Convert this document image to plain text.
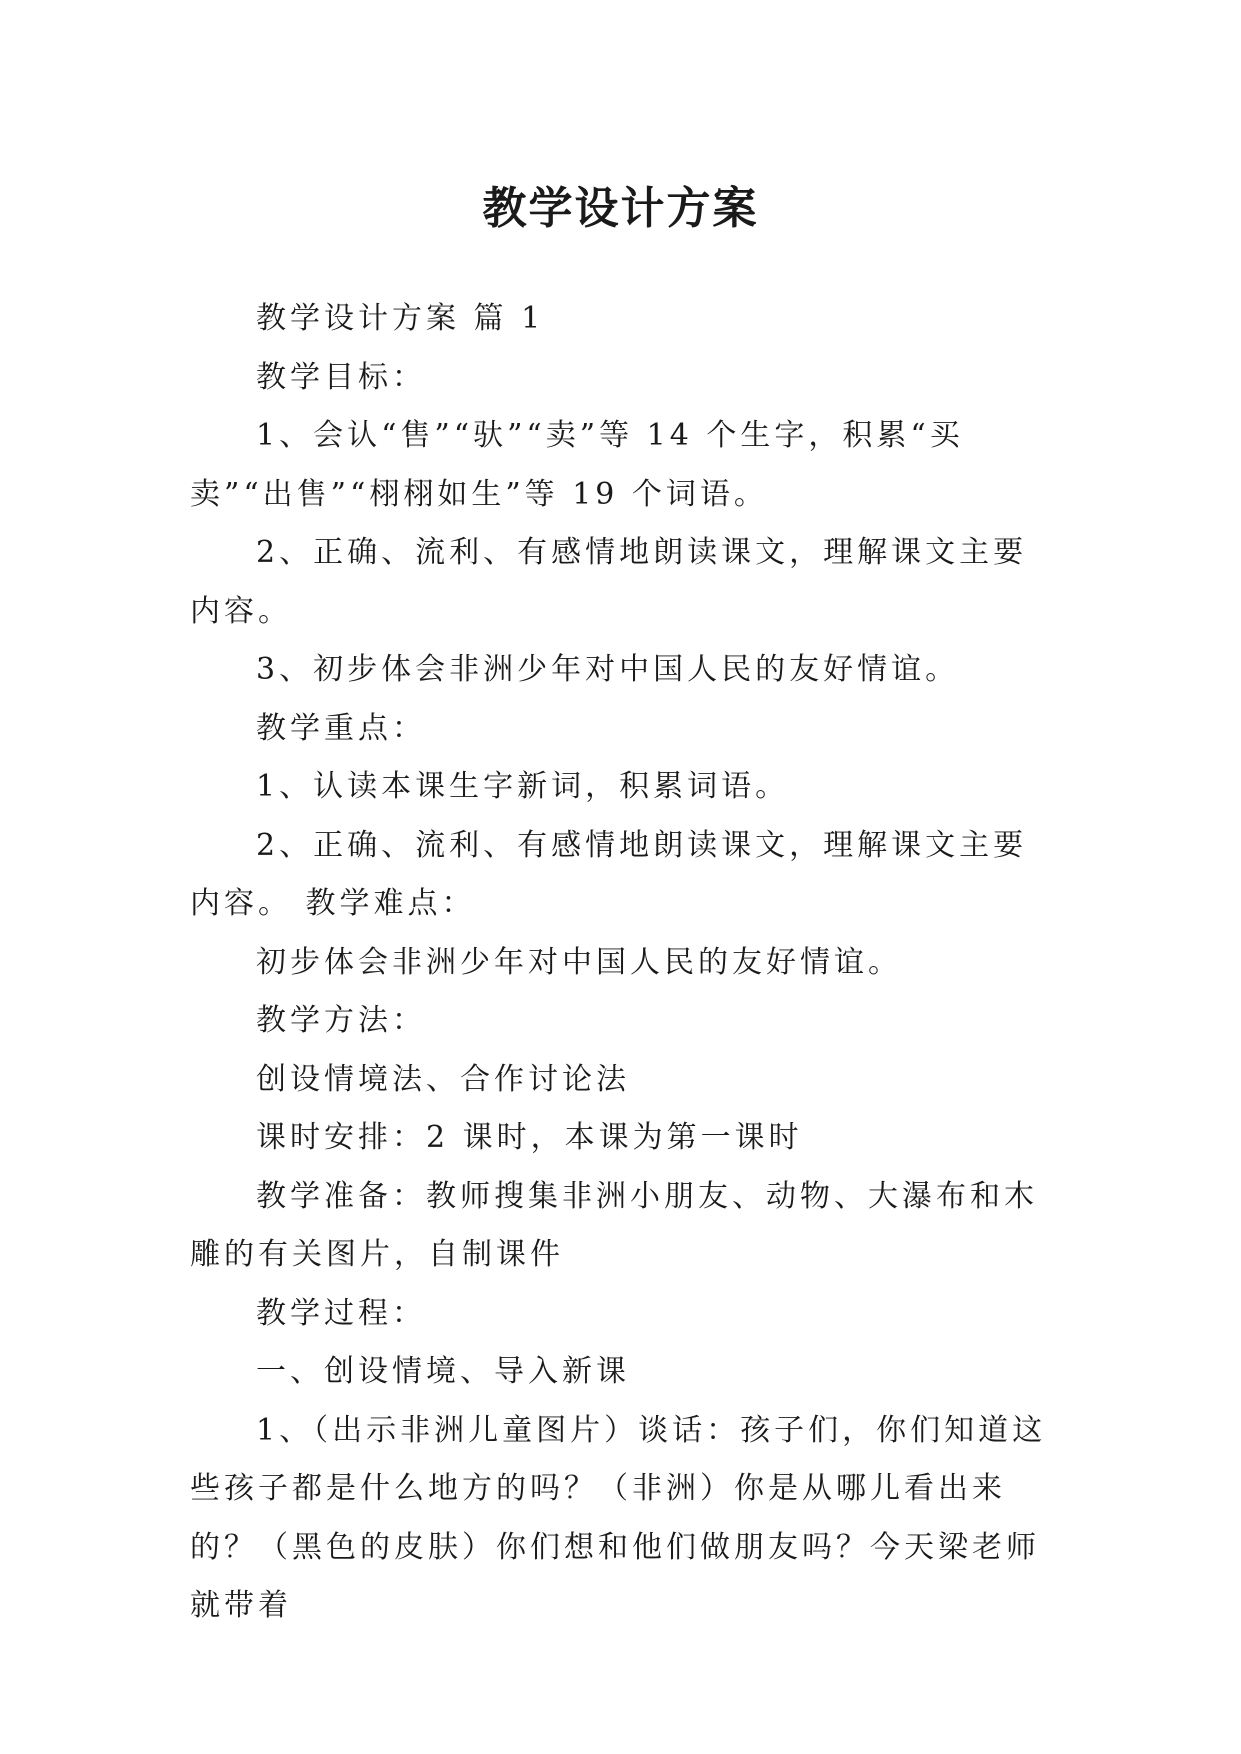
教学设计方案

教学设计方案 篇 1

教学目标：

1、会认“售”“驮”“卖”等 14 个生字，积累“买卖”“出售”“栩栩如生”等 19 个词语。

2、正确、流利、有感情地朗读课文，理解课文主要内容。

3、初步体会非洲少年对中国人民的友好情谊。

教学重点：

1、认读本课生字新词，积累词语。

2、正确、流利、有感情地朗读课文，理解课文主要内容。 教学难点：

初步体会非洲少年对中国人民的友好情谊。

教学方法：

创设情境法、合作讨论法

课时安排：2 课时，本课为第一课时

教学准备：教师搜集非洲小朋友、动物、大瀑布和木雕的有关图片，自制课件

教学过程：

一、创设情境、导入新课

1、（出示非洲儿童图片）谈话：孩子们，你们知道这些孩子都是什么地方的吗？（非洲）你是从哪儿看出来的？（黑色的皮肤）你们想和他们做朋友吗？今天梁老师就带着
